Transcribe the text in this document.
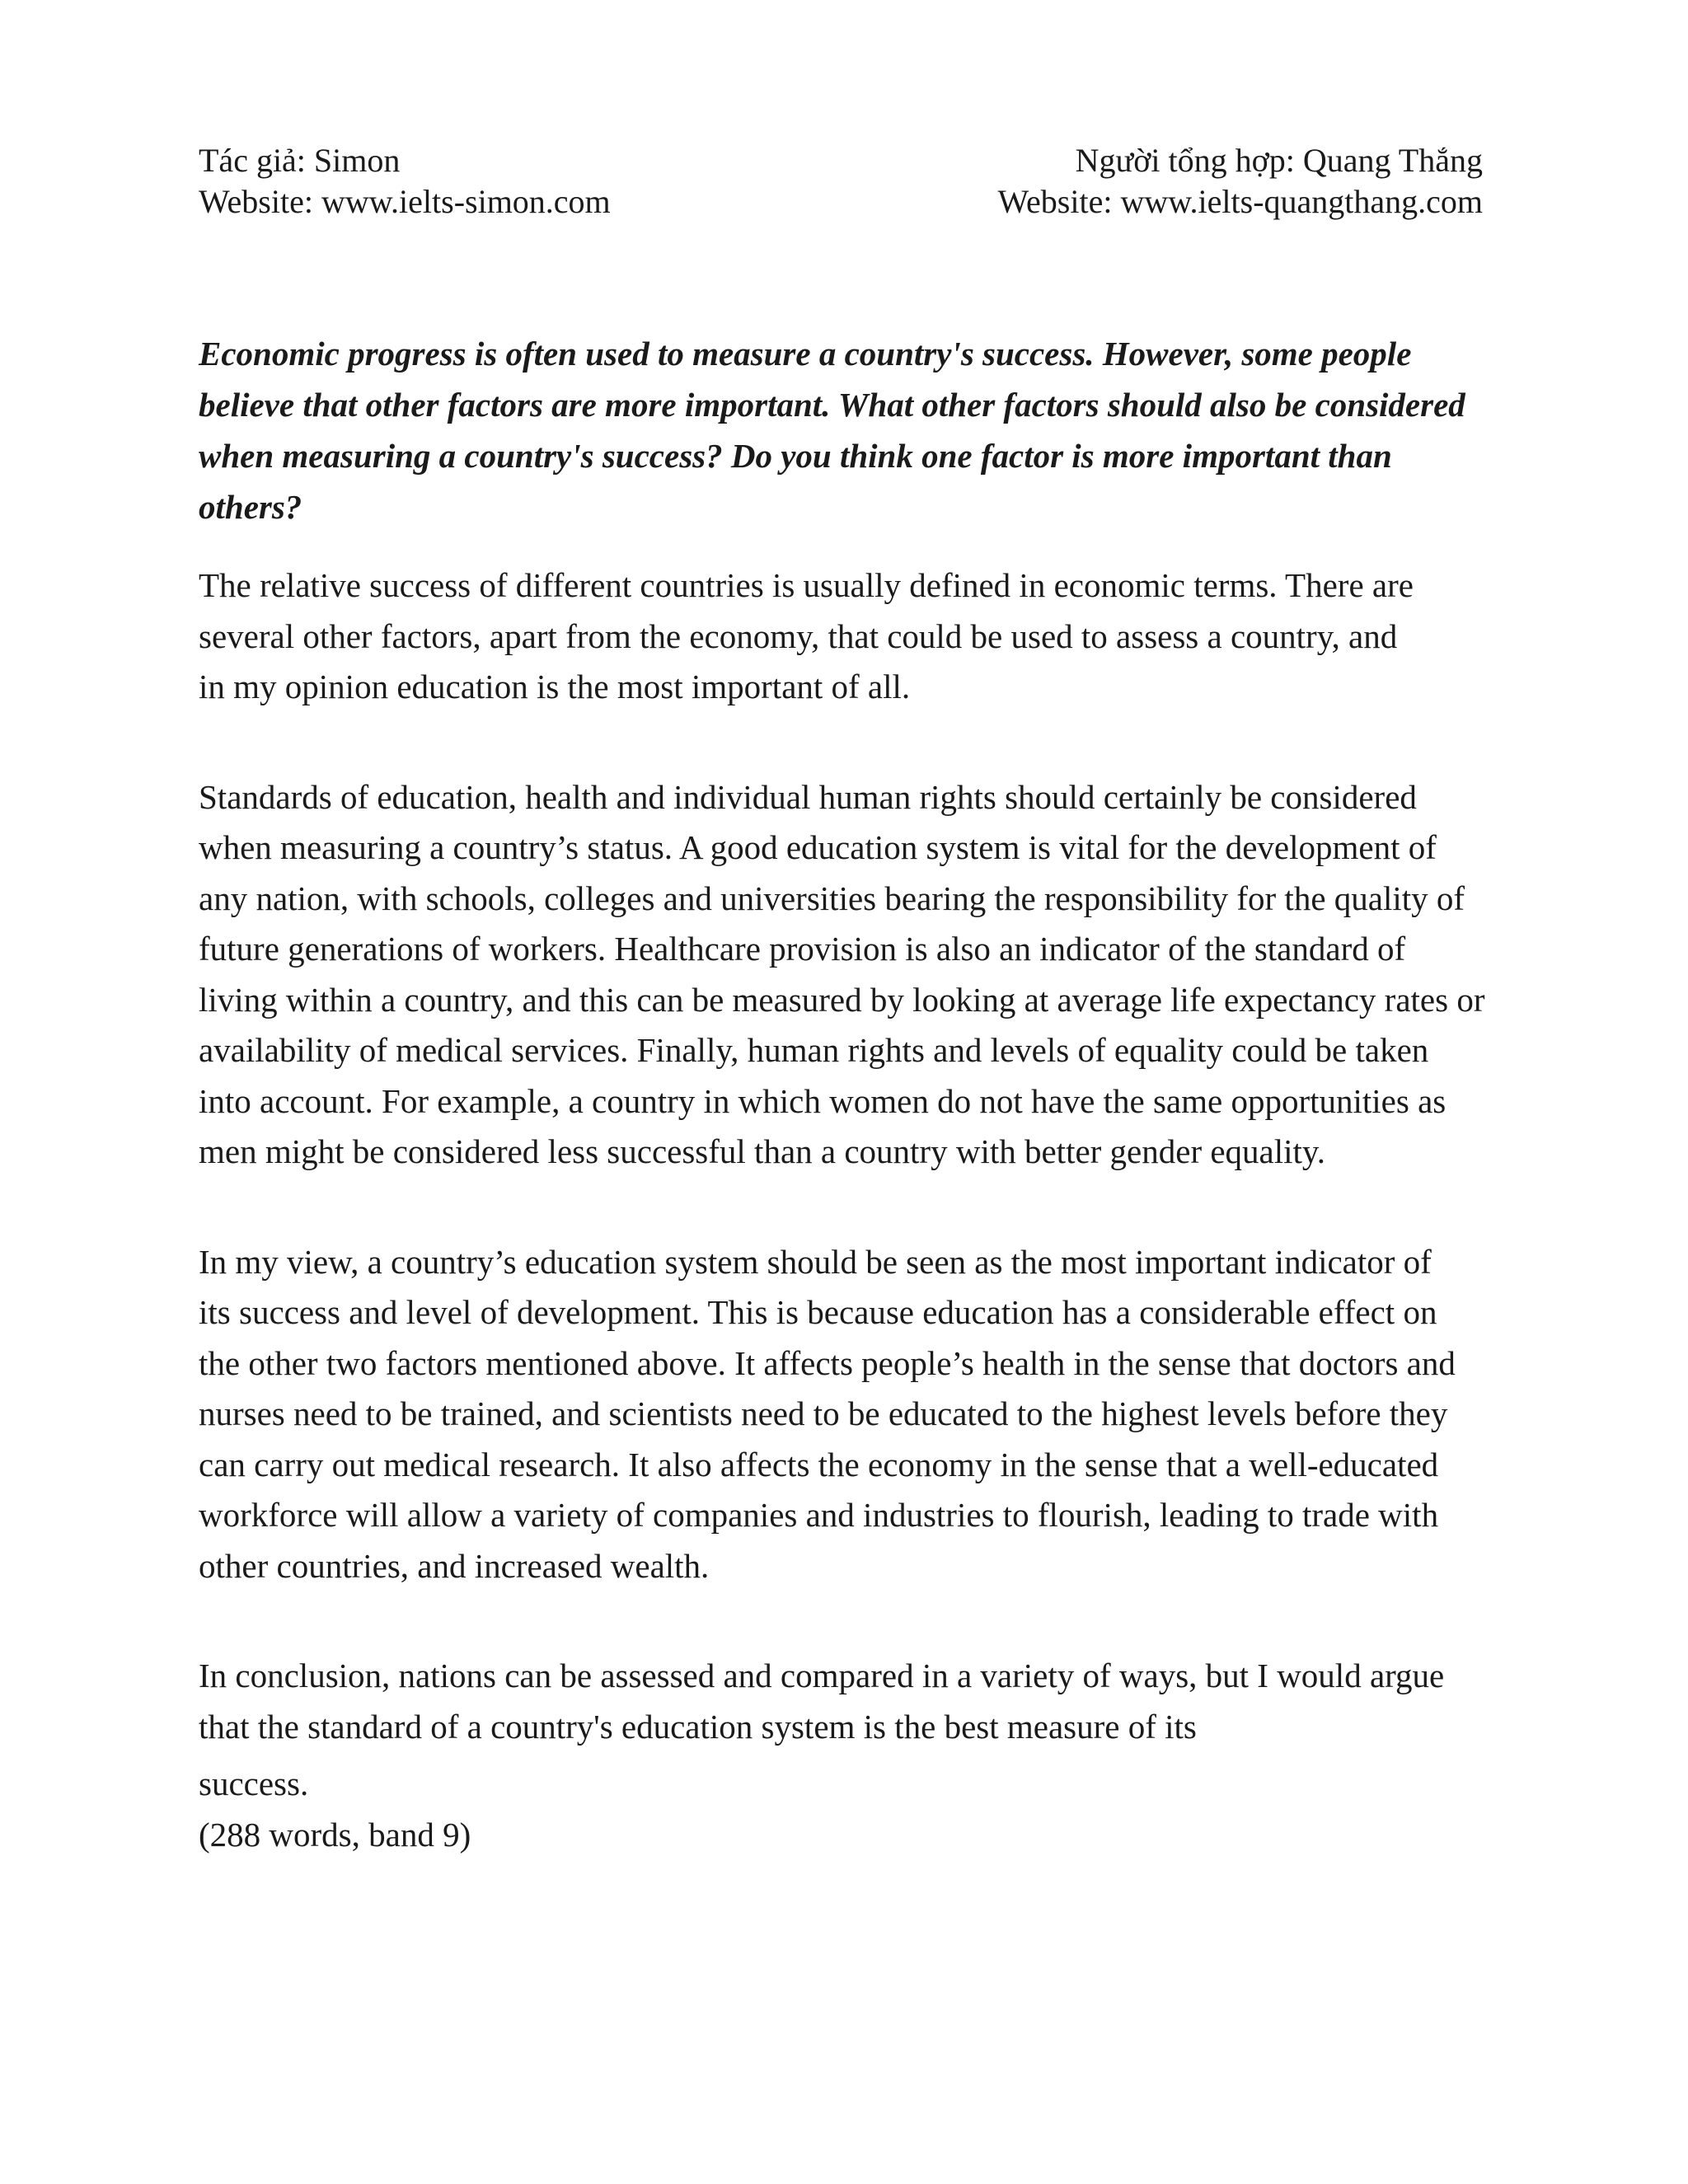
Tác giả: Simon
Website: www.ielts-simon.com
Người tổng hợp: Quang Thắng
Website: www.ielts-quangthang.com

Economic progress is often used to measure a country's success. However, some people believe that other factors are more important. What other factors should also be considered when measuring a country's success? Do you think one factor is more important than others?

The relative success of different countries is usually defined in economic terms. There are several other factors, apart from the economy, that could be used to assess a country, and in my opinion education is the most important of all.

Standards of education, health and individual human rights should certainly be considered when measuring a country’s status. A good education system is vital for the development of any nation, with schools, colleges and universities bearing the responsibility for the quality of future generations of workers. Healthcare provision is also an indicator of the standard of living within a country, and this can be measured by looking at average life expectancy rates or availability of medical services. Finally, human rights and levels of equality could be taken into account. For example, a country in which women do not have the same opportunities as men might be considered less successful than a country with better gender equality.

In my view, a country’s education system should be seen as the most important indicator of its success and level of development. This is because education has a considerable effect on the other two factors mentioned above. It affects people’s health in the sense that doctors and nurses need to be trained, and scientists need to be educated to the highest levels before they can carry out medical research. It also affects the economy in the sense that a well-educated workforce will allow a variety of companies and industries to flourish, leading to trade with other countries, and increased wealth.

In conclusion, nations can be assessed and compared in a variety of ways, but I would argue that the standard of a country's education system is the best measure of its

success.

(288 words, band 9)
